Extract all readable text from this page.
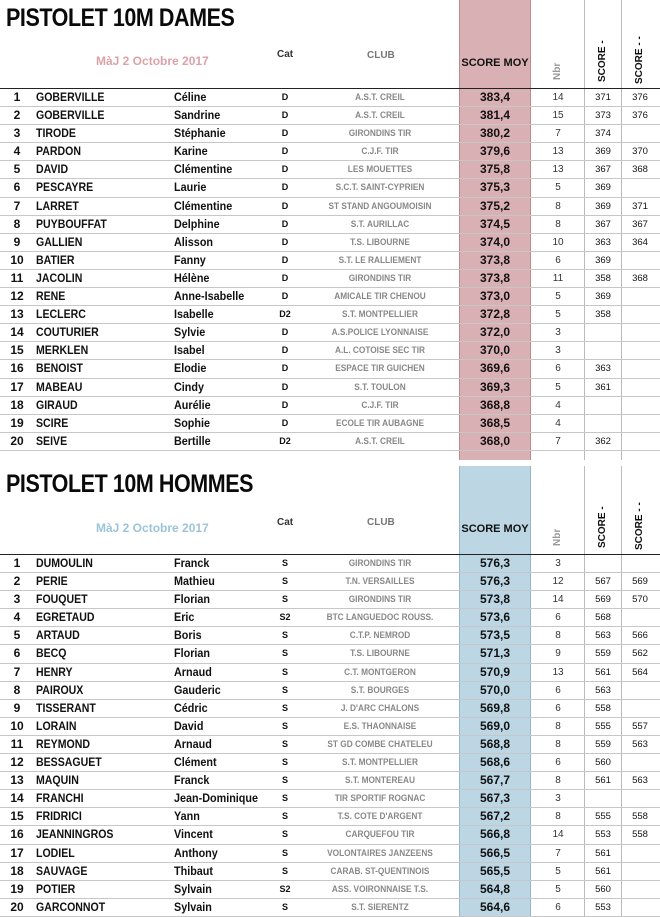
PISTOLET 10M DAMES
MàJ 2 Octobre 2017	Cat	CLUB
SCORE MOY Nbr	SCORE -	SCORE - -
1	GOBERVILLE	Céline	D	A.S.T. CREIL	383,4	14	371	376
2	GOBERVILLE	Sandrine	D	A.S.T. CREIL	381,4	15	373	376
3	TIRODE	Stéphanie	D	GIRONDINS TIR	380,2	7	374
4	PARDON	Karine	D	C.J.F. TIR	379,6	13	369	370
5	DAVID	Clémentine	D	LES MOUETTES	375,8	13	367	368
6	PESCAYRE	Laurie	D	S.C.T. SAINT-CYPRIEN	375,3	5	369
7	LARRET	Clémentine	D	ST STAND ANGOUMOISIN	375,2	8	369	371
8	PUYBOUFFAT	Delphine	D	S.T. AURILLAC	374,5	8	367	367
9	GALLIEN	Alisson	D	T.S. LIBOURNE	374,0	10	363	364
10 BATIER	Fanny	D	S.T. LE RALLIEMENT	373,8	6	369
11 JACOLIN	Hélène	D	GIRONDINS TIR	373,8	11	358	368
12 RENE	Anne-Isabelle	D	AMICALE TIR CHENOU	373,0	5	369
13 LECLERC	Isabelle	D2	S.T. MONTPELLIER	372,8	5	358
14 COUTURIER	Sylvie	D	A.S.POLICE LYONNAISE	372,0	3
15 MERKLEN	Isabel	D	A.L. COTOISE SEC TIR	370,0	3
16 BENOIST	Elodie	D	ESPACE TIR GUICHEN	369,6	6	363
17 MABEAU	Cindy	D	S.T. TOULON	369,3	5	361
18 GIRAUD	Aurélie	D	C.J.F. TIR	368,8	4
19 SCIRE	Sophie	D	ECOLE TIR AUBAGNE	368,5	4
20 SEIVE	Bertille	D2	A.S.T. CREIL	368,0	7	362
PISTOLET 10M HOMMES
MàJ 2 Octobre 2017	Cat	CLUB
SCORE MOY Nbr	SCORE -	SCORE - -
1	DUMOULIN	Franck	S	GIRONDINS TIR	576,3	3
2	PERIE	Mathieu	S	T.N. VERSAILLES	576,3	12	567	569
3	FOUQUET	Florian	S	GIRONDINS TIR	573,8	14	569	570
4	EGRETAUD	Eric	S2	BTC LANGUEDOC ROUSS.	573,6	6	568
5	ARTAUD	Boris	S	C.T.P. NEMROD	573,5	8	563	566
6	BECQ	Florian	S	T.S. LIBOURNE	571,3	9	559	562
7	HENRY	Arnaud	S	C.T. MONTGERON	570,9	13	561	564
8	PAIROUX	Gauderic	S	S.T. BOURGES	570,0	6	563
9	TISSERANT	Cédric	S	J. D'ARC CHALONS	569,8	6	558
10 LORAIN	David	S	E.S. THAONNAISE	569,0	8	555	557
11 REYMOND	Arnaud	S	ST GD COMBE CHATELEU	568,8	8	559	563
12 BESSAGUET	Clément	S	S.T. MONTPELLIER	568,6	6	560
13 MAQUIN	Franck	S	S.T. MONTEREAU	567,7	8	561	563
14 FRANCHI	Jean-Dominique	S	TIR SPORTIF ROGNAC	567,3	3
15 FRIDRICI	Yann	S	T.S. COTE D'ARGENT	567,2	8	555	558
16 JEANNINGROS	Vincent	S	CARQUEFOU TIR	566,8	14	553	558
17 LODIEL	Anthony	S	VOLONTAIRES JANZEENS	566,5	7	561
18 SAUVAGE	Thibaut	S	CARAB. ST-QUENTINOIS	565,5	5	561
19 POTIER	Sylvain	S2	ASS. VOIRONNAISE T.S.	564,8	5	560
20 GARCONNOT	Sylvain	S	S.T. SIERENTZ	564,6	6	553
